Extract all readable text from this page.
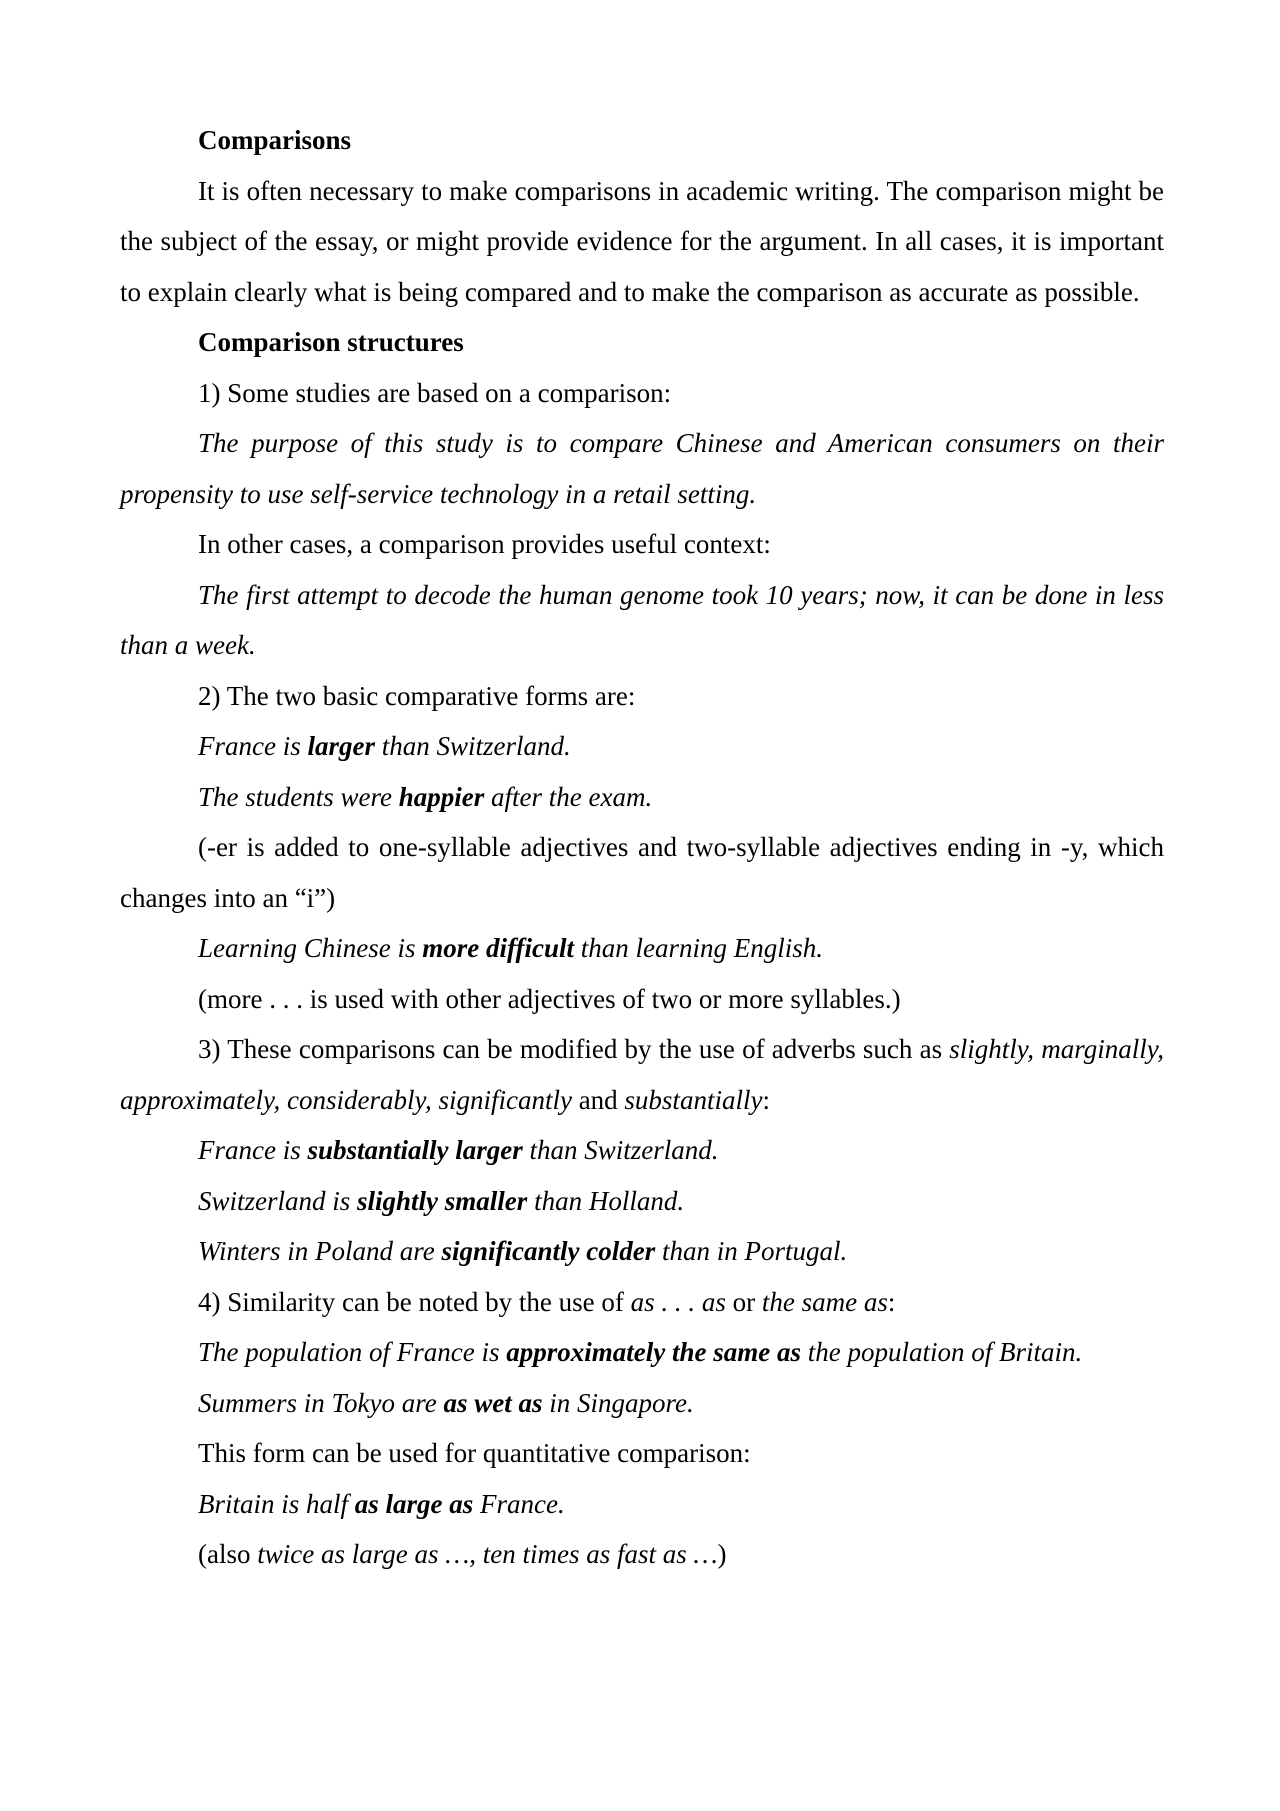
Comparisons

It is often necessary to make comparisons in academic writing. The comparison might be the subject of the essay, or might provide evidence for the argument. In all cases, it is important to explain clearly what is being compared and to make the comparison as accurate as possible.

Comparison structures

1) Some studies are based on a comparison:

The purpose of this study is to compare Chinese and American consumers on their propensity to use self-service technology in a retail setting.

In other cases, a comparison provides useful context:

The first attempt to decode the human genome took 10 years; now, it can be done in less than a week.

2) The two basic comparative forms are:

France is larger than Switzerland.

The students were happier after the exam.

(-er is added to one-syllable adjectives and two-syllable adjectives ending in -y, which changes into an “i”)

Learning Chinese is more difficult than learning English.

(more . . . is used with other adjectives of two or more syllables.)

3) These comparisons can be modified by the use of adverbs such as slightly, marginally, approximately, considerably, significantly and substantially:

France is substantially larger than Switzerland.

Switzerland is slightly smaller than Holland.

Winters in Poland are significantly colder than in Portugal.

4) Similarity can be noted by the use of as . . . as or the same as:

The population of France is approximately the same as the population of Britain.

Summers in Tokyo are as wet as in Singapore.

This form can be used for quantitative comparison:

Britain is half as large as France.

(also twice as large as …, ten times as fast as …)
